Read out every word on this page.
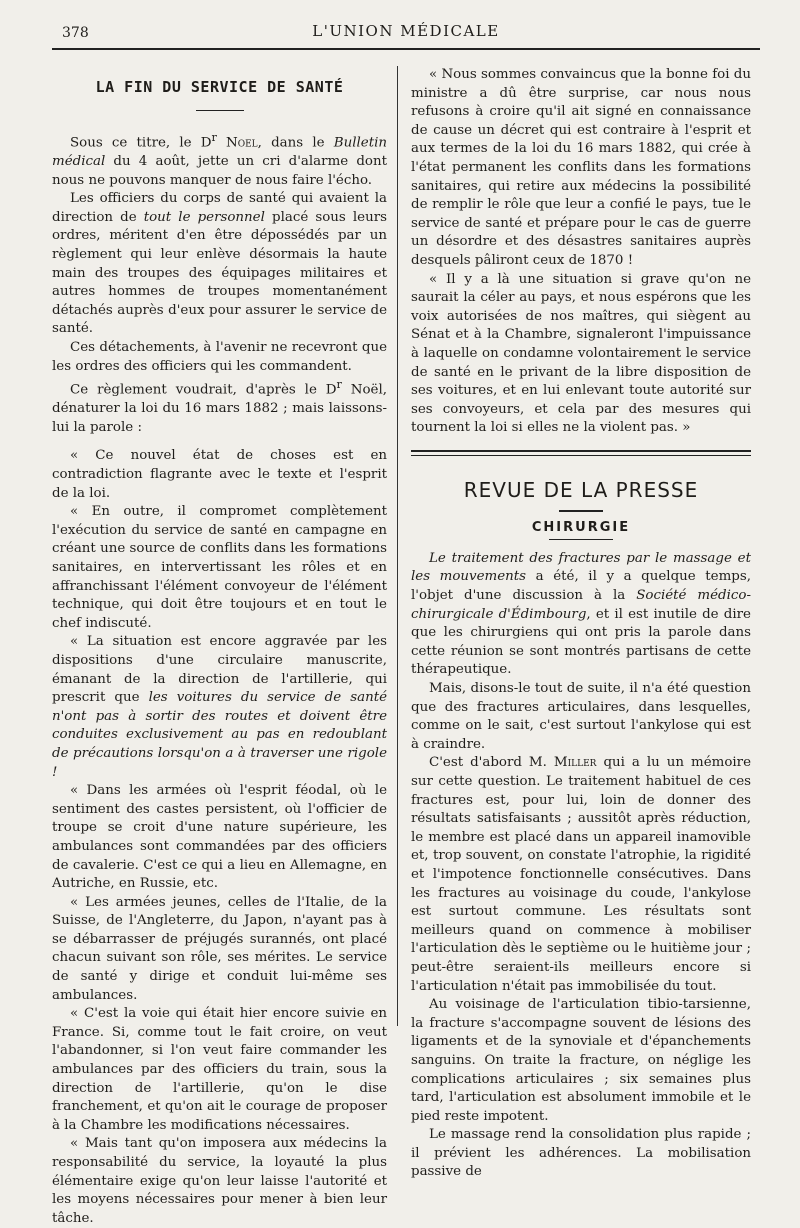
378	L'UNION MÉDICALE
LA FIN DU SERVICE DE SANTÉ

Sous ce titre, le $D^r$ Noel, dans le Bulletin médical du 4 août, jette un cri d'alarme dont nous ne pouvons manquer de nous faire l'écho.

Les officiers du corps de santé qui avaient la direction de tout le personnel placé sous leurs ordres, méritent d'en être dépossédés par un règlement qui leur enlève désormais la haute main des troupes des équipages militaires et autres hommes de troupes momentanément détachés auprès d'eux pour assurer le service de santé.

Ces détachements, à l'avenir ne recevront que les ordres des officiers qui les commandent.

Ce règlement voudrait, d'après le $D^r$ Noël, dénaturer la loi du 16 mars 1882 ; mais laissons-lui la parole :

« Ce nouvel état de choses est en contradiction flagrante avec le texte et l'esprit de la loi.

« En outre, il compromet complètement l'exécution du service de santé en campagne en créant une source de conflits dans les formations sanitaires, en intervertissant les rôles et en affranchissant l'élément convoyeur de l'élément technique, qui doit être toujours et en tout le chef indiscuté.

« La situation est encore aggravée par les dispositions d'une circulaire manuscrite, émanant de la direction de l'artillerie, qui prescrit que les voitures du service de santé n'ont pas à sortir des routes et doivent être conduites exclusivement au pas en redoublant de précautions lorsqu'on a à traverser une rigole !

« Dans les armées où l'esprit féodal, où le sentiment des castes persistent, où l'officier de troupe se croit d'une nature supérieure, les ambulances sont commandées par des officiers de cavalerie. C'est ce qui a lieu en Allemagne, en Autriche, en Russie, etc.

« Les armées jeunes, celles de l'Italie, de la Suisse, de l'Angleterre, du Japon, n'ayant pas à se débarrasser de préjugés surannés, ont placé chacun suivant son rôle, ses mérites. Le service de santé y dirige et conduit lui-même ses ambulances.

« C'est la voie qui était hier encore suivie en France. Si, comme tout le fait croire, on veut l'abandonner, si l'on veut faire commander les ambulances par des officiers du train, sous la direction de l'artillerie, qu'on le dise franchement, et qu'on ait le courage de proposer à la Chambre les modifications nécessaires.

« Mais tant qu'on imposera aux médecins la responsabilité du service, la loyauté la plus élémentaire exige qu'on leur laisse l'autorité et les moyens nécessaires pour mener à bien leur tâche.

« Nous sommes convaincus que la bonne foi du ministre a dû être surprise, car nous nous refusons à croire qu'il ait signé en connaissance de cause un décret qui est contraire à l'esprit et aux termes de la loi du 16 mars 1882, qui crée à l'état permanent les conflits dans les formations sanitaires, qui retire aux médecins la possibilité de remplir le rôle que leur a confié le pays, tue le service de santé et prépare pour le cas de guerre un désordre et des désastres sanitaires auprès desquels pâliront ceux de 1870 !

« Il y a là une situation si grave qu'on ne saurait la céler au pays, et nous espérons que les voix autorisées de nos maîtres, qui siègent au Sénat et à la Chambre, signaleront l'impuissance à laquelle on condamne volontairement le service de santé en le privant de la libre disposition de ses voitures, et en lui enlevant toute autorité sur ses convoyeurs, et cela par des mesures qui tournent la loi si elles ne la violent pas. »

REVUE DE LA PRESSE
CHIRURGIE

Le traitement des fractures par le massage et les mouvements a été, il y a quelque temps, l'objet d'une discussion à la Société médico-chirurgicale d'Édimbourg, et il est inutile de dire que les chirurgiens qui ont pris la parole dans cette réunion se sont montrés partisans de cette thérapeutique.

Mais, disons-le tout de suite, il n'a été question que des fractures articulaires, dans lesquelles, comme on le sait, c'est surtout l'ankylose qui est à craindre.

C'est d'abord M. Miller qui a lu un mémoire sur cette question. Le traitement habituel de ces fractures est, pour lui, loin de donner des résultats satisfaisants ; aussitôt après réduction, le membre est placé dans un appareil inamovible et, trop souvent, on constate l'atrophie, la rigidité et l'impotence fonctionnelle consécutives. Dans les fractures au voisinage du coude, l'ankylose est surtout commune. Les résultats sont meilleurs quand on commence à mobiliser l'articulation dès le septième ou le huitième jour ; peut-être seraient-ils meilleurs encore si l'articulation n'était pas immobilisée du tout.

Au voisinage de l'articulation tibio-tarsienne, la fracture s'accompagne souvent de lésions des ligaments et de la synoviale et d'épanchements sanguins. On traite la fracture, on néglige les complications articulaires ; six semaines plus tard, l'articulation est absolument immobile et le pied reste impotent.

Le massage rend la consolidation plus rapide ; il prévient les adhérences. La mobilisation passive de
